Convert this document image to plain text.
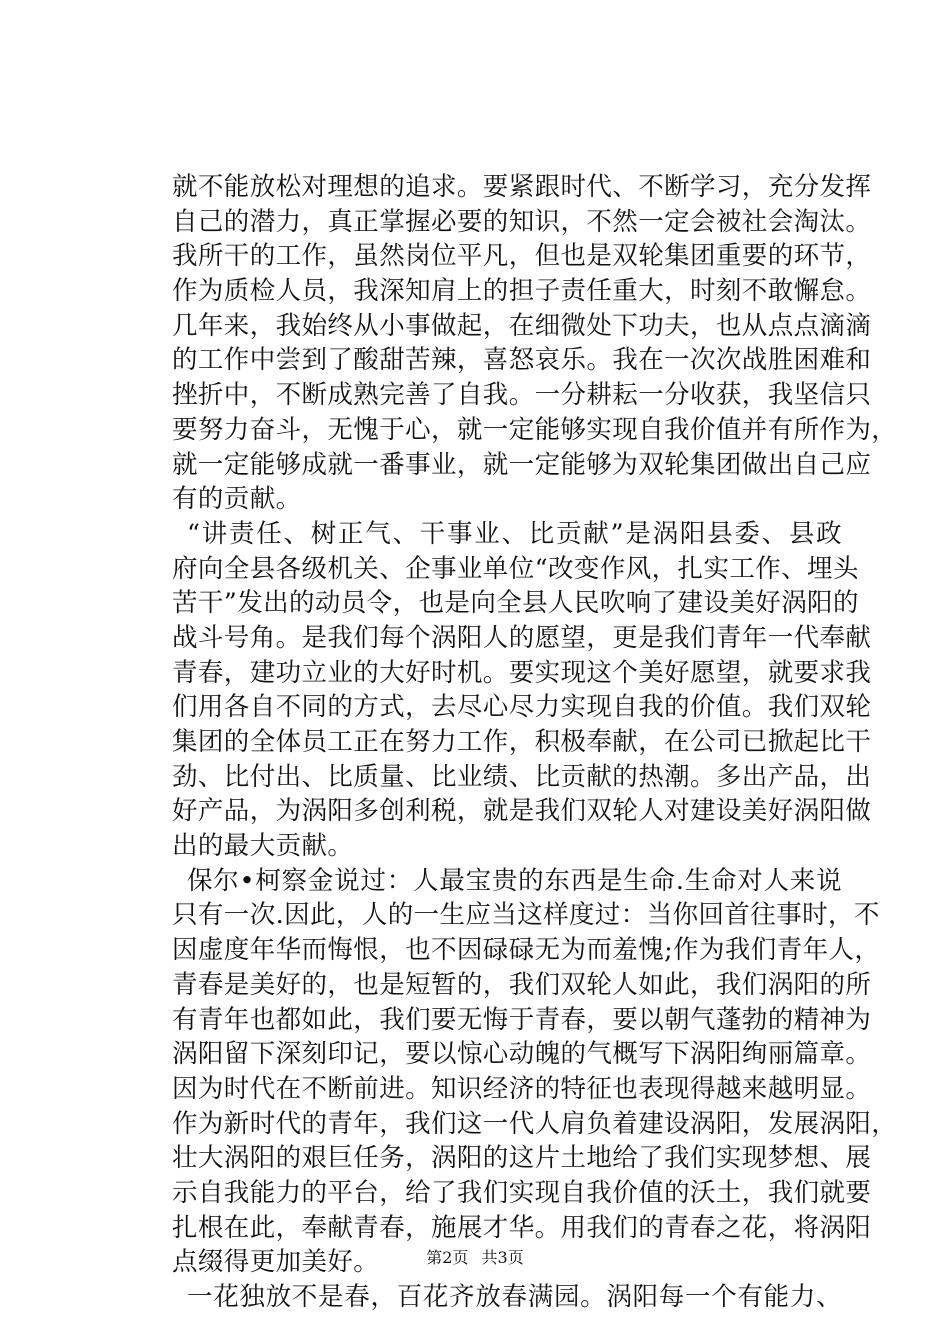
就不能放松对理想的追求。要紧跟时代、不断学习，充分发挥
自己的潜力，真正掌握必要的知识，不然一定会被社会淘汰。
我所干的工作，虽然岗位平凡，但也是双轮集团重要的环节，
作为质检人员，我深知肩上的担子责任重大，时刻不敢懈怠。
几年来，我始终从小事做起，在细微处下功夫，也从点点滴滴
的工作中尝到了酸甜苦辣，喜怒哀乐。我在一次次战胜困难和
挫折中，不断成熟完善了自我。一分耕耘一分收获，我坚信只
要努力奋斗，无愧于心，就一定能够实现自我价值并有所作为，
就一定能够成就一番事业，就一定能够为双轮集团做出自己应
有的贡献。
“讲责任、树正气、干事业、比贡献”是涡阳县委、县政
府向全县各级机关、企事业单位“改变作风，扎实工作、埋头
苦干”发出的动员令，也是向全县人民吹响了建设美好涡阳的
战斗号角。是我们每个涡阳人的愿望，更是我们青年一代奉献
青春，建功立业的大好时机。要实现这个美好愿望，就要求我
们用各自不同的方式，去尽心尽力实现自我的价值。我们双轮
集团的全体员工正在努力工作，积极奉献，在公司已掀起比干
劲、比付出、比质量、比业绩、比贡献的热潮。多出产品，出
好产品，为涡阳多创利税，就是我们双轮人对建设美好涡阳做
出的最大贡献。
保尔•柯察金说过：人最宝贵的东西是生命.生命对人来说
只有一次.因此，人的一生应当这样度过：当你回首往事时，不
因虚度年华而悔恨，也不因碌碌无为而羞愧;作为我们青年人，
青春是美好的，也是短暂的，我们双轮人如此，我们涡阳的所
有青年也都如此，我们要无悔于青春，要以朝气蓬勃的精神为
涡阳留下深刻印记，要以惊心动魄的气概写下涡阳绚丽篇章。
因为时代在不断前进。知识经济的特征也表现得越来越明显。
作为新时代的青年，我们这一代人肩负着建设涡阳，发展涡阳，
壮大涡阳的艰巨任务，涡阳的这片土地给了我们实现梦想、展
示自我能力的平台，给了我们实现自我价值的沃土，我们就要
扎根在此，奉献青春，施展才华。用我们的青春之花，将涡阳
点缀得更加美好。
一花独放不是春，百花齐放春满园。涡阳每一个有能力、
第2页 共3页
